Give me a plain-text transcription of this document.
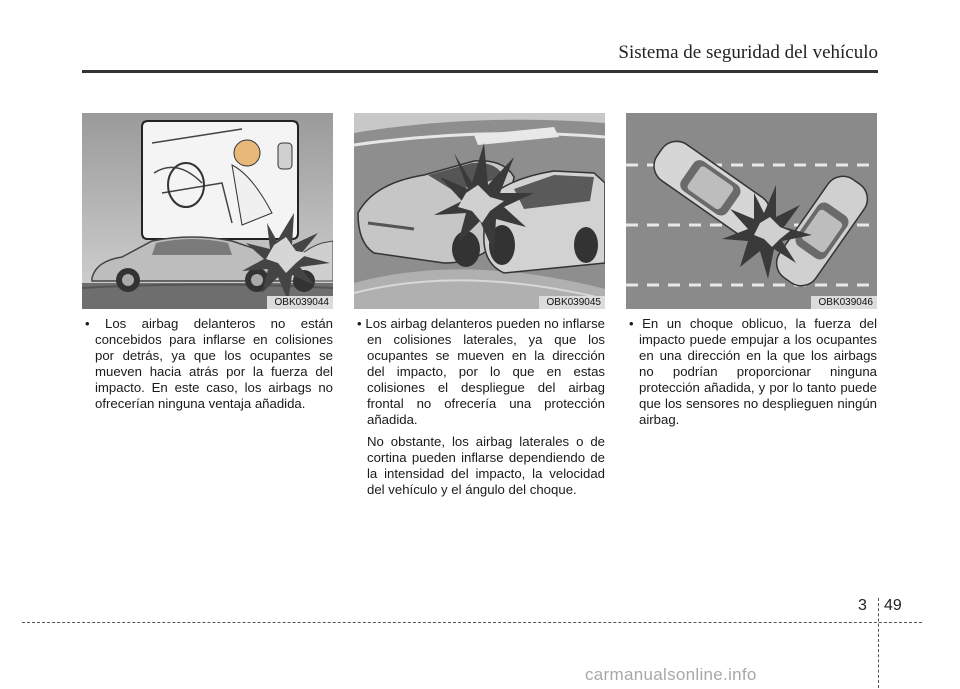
Sistema de seguridad del vehículo
OBK039044

• Los airbag delanteros no están concebidos para inflarse en colisiones por detrás, ya que los ocupantes se mueven hacia atrás por la fuerza del impacto. En este caso, los airbags no ofrecerían ninguna ventaja añadida.

OBK039045

• Los airbag delanteros pueden no inflarse en colisiones laterales, ya que los ocupantes se mueven en la dirección del impacto, por lo que en estas colisiones el despliegue del airbag frontal no ofrecería una protección añadida.

No obstante, los airbag laterales o de cortina pueden inflarse dependiendo de la intensidad del impacto, la velocidad del vehículo y el ángulo del choque.

OBK039046

• En un choque oblicuo, la fuerza del impacto puede empujar a los ocupantes en una dirección en la que los airbags no podrían proporcionar ninguna protección añadida, y por lo tanto puede que los sensores no desplieguen ningún airbag.

3 49
carmanualsonline.info
